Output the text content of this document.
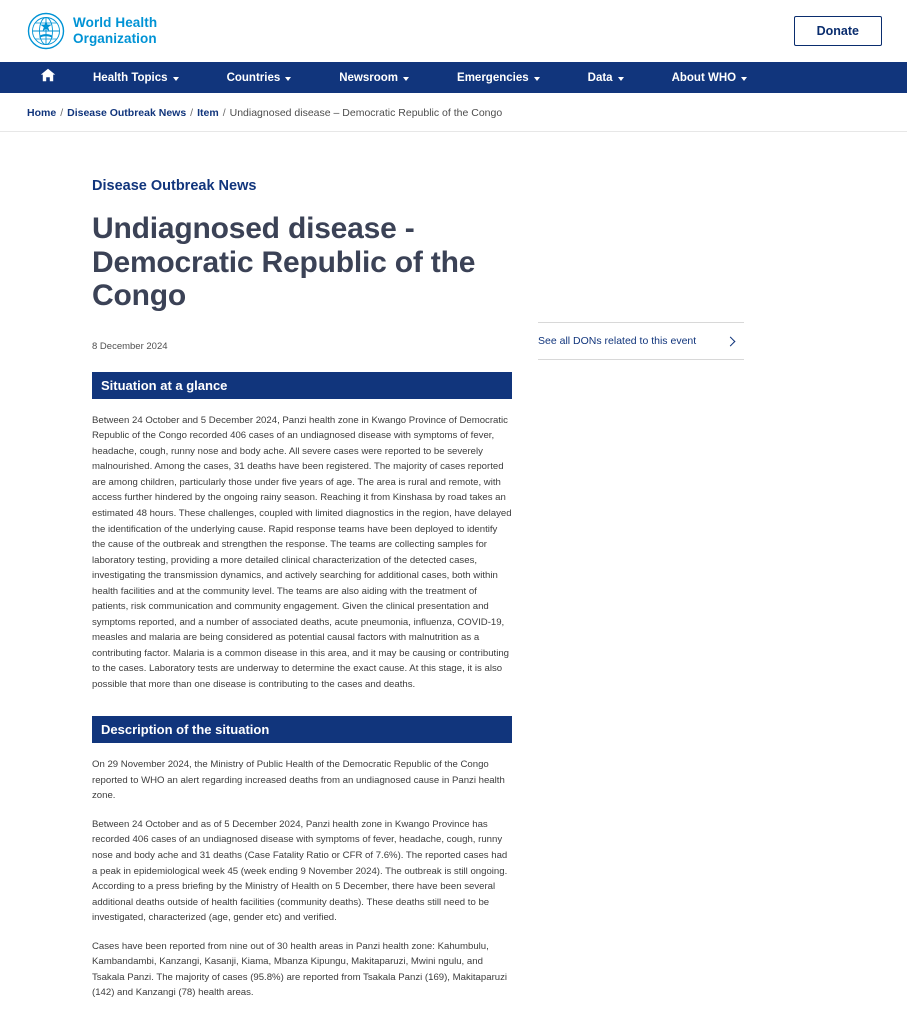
World Health
Organization	Donate
Health Topics	Countries	Newsroom	Emergencies	Data	About WHO
Home / Disease Outbreak News / Item / Undiagnosed disease – Democratic Republic of the Congo
Disease Outbreak News
Undiagnosed disease - Democratic Republic of the Congo
8 December 2024
Situation at a glance

Between 24 October and 5 December 2024, Panzi health zone in Kwango Province of Democratic Republic of the Congo recorded 406 cases of an undiagnosed disease with symptoms of fever, headache, cough, runny nose and body ache. All severe cases were reported to be severely malnourished. Among the cases, 31 deaths have been registered. The majority of cases reported are among children, particularly those under five years of age. The area is rural and remote, with access further hindered by the ongoing rainy season. Reaching it from Kinshasa by road takes an estimated 48 hours. These challenges, coupled with limited diagnostics in the region, have delayed the identification of the underlying cause. Rapid response teams have been deployed to identify the cause of the outbreak and strengthen the response. The teams are collecting samples for laboratory testing, providing a more detailed clinical characterization of the detected cases, investigating the transmission dynamics, and actively searching for additional cases, both within health facilities and at the community level. The teams are also aiding with the treatment of patients, risk communication and community engagement. Given the clinical presentation and symptoms reported, and a number of associated deaths, acute pneumonia, influenza, COVID-19, measles and malaria are being considered as potential causal factors with malnutrition as a contributing factor. Malaria is a common disease in this area, and it may be causing or contributing to the cases. Laboratory tests are underway to determine the exact cause. At this stage, it is also possible that more than one disease is contributing to the cases and deaths.

Description of the situation

On 29 November 2024, the Ministry of Public Health of the Democratic Republic of the Congo reported to WHO an alert regarding increased deaths from an undiagnosed cause in Panzi health zone.

Between 24 October and as of 5 December 2024, Panzi health zone in Kwango Province has recorded 406 cases of an undiagnosed disease with symptoms of fever, headache, cough, runny nose and body ache and 31 deaths (Case Fatality Ratio or CFR of 7.6%). The reported cases had a peak in epidemiological week 45 (week ending 9 November 2024). The outbreak is still ongoing. According to a press briefing by the Ministry of Health on 5 December, there have been several additional deaths outside of health facilities (community deaths). These deaths still need to be investigated, characterized (age, gender etc) and verified.

Cases have been reported from nine out of 30 health areas in Panzi health zone: Kahumbulu, Kambandambi, Kanzangi, Kasanji, Kiama, Mbanza Kipungu, Makitaparuzi, Mwini ngulu, and Tsakala Panzi. The majority of cases (95.8%) are reported from Tsakala Panzi (169), Makitaparuzi (142) and Kanzangi (78) health areas.

See all DONs related to this event
